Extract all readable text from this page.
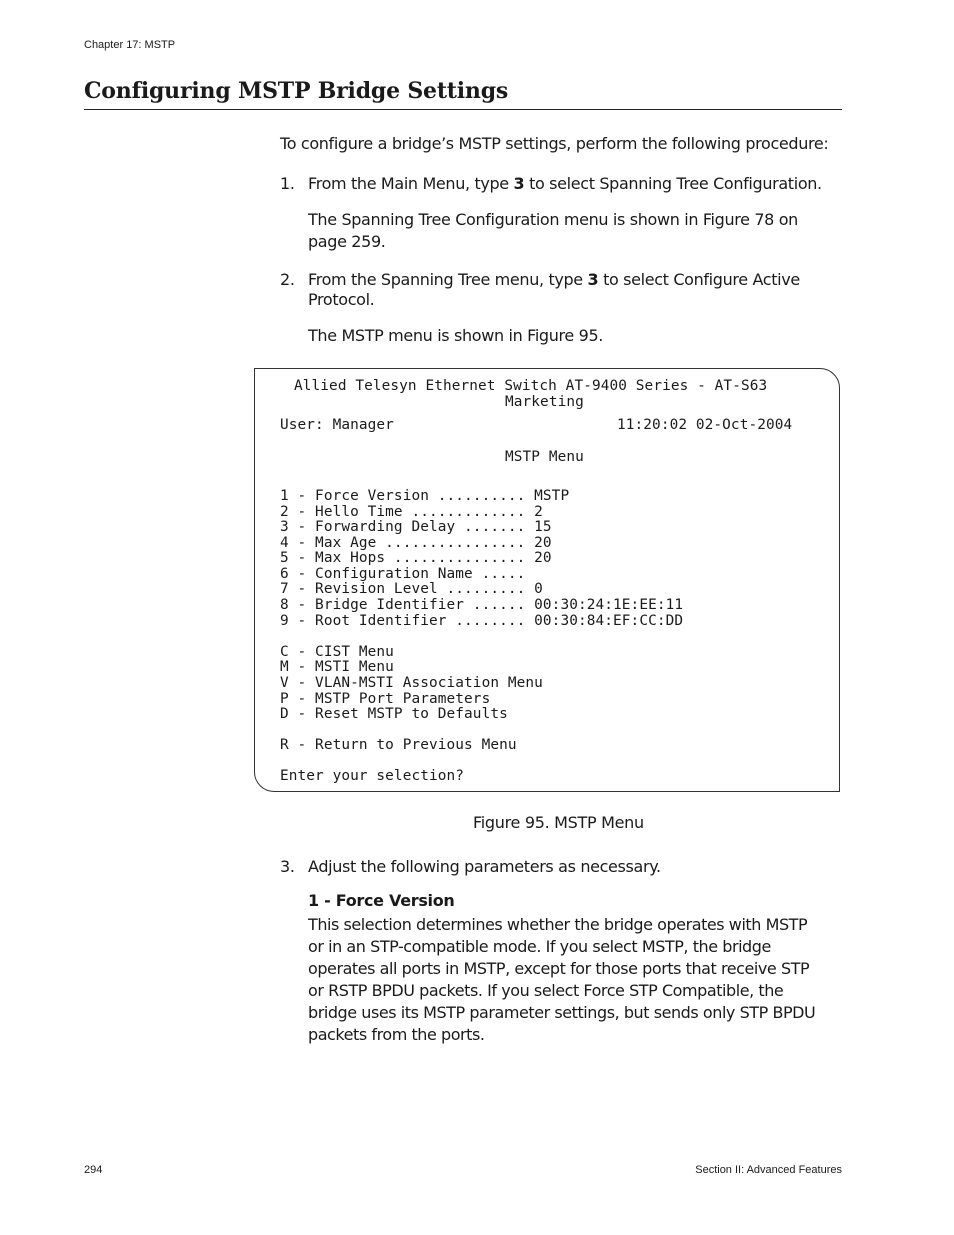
Chapter 17: MSTP
Configuring MSTP Bridge Settings
To configure a bridge’s MSTP settings, perform the following procedure:
1. From the Main Menu, type 3 to select Spanning Tree Configuration.
The Spanning Tree Configuration menu is shown in Figure 78 on
page 259.
2. From the Spanning Tree menu, type 3 to select Configure Active
Protocol.
The MSTP menu is shown in Figure 95.
Allied Telesyn Ethernet Switch AT-9400 Series - AT-S63
Marketing
User: Manager	11:20:02 02-Oct-2004
MSTP Menu
1 - Force Version .......... MSTP
2 - Hello Time ............. 2
3 - Forwarding Delay ....... 15
4 - Max Age ................ 20
5 - Max Hops ............... 20
6 - Configuration Name .....
7 - Revision Level ......... 0
8 - Bridge Identifier ...... 00:30:24:1E:EE:11
9 - Root Identifier ........ 00:30:84:EF:CC:DD
C - CIST Menu
M - MSTI Menu
V - VLAN-MSTI Association Menu
P - MSTP Port Parameters
D - Reset MSTP to Defaults
R - Return to Previous Menu
Enter your selection?
Figure 95. MSTP Menu
3. Adjust the following parameters as necessary.
1 - Force Version
This selection determines whether the bridge operates with MSTP
or in an STP-compatible mode. If you select MSTP, the bridge
operates all ports in MSTP, except for those ports that receive STP
or RSTP BPDU packets. If you select Force STP Compatible, the
bridge uses its MSTP parameter settings, but sends only STP BPDU
packets from the ports.
294	Section II: Advanced Features
